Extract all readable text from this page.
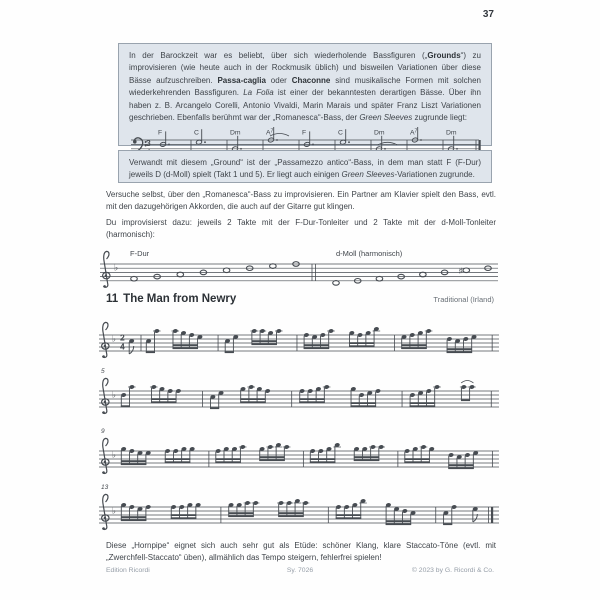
37

In der Barockzeit war es beliebt, über sich wiederholende Bassfiguren („Grounds“) zu improvisieren (wie heute auch in der Rockmusik üblich) und bisweilen Variationen über diese Bässe aufzuschreiben. Passa-caglia oder Chaconne sind musikalische Formen mit solchen wiederkehrenden Bassfiguren. La Folia ist einer der bekanntesten derartigen Bässe. Über ihn haben z. B. Arcangelo Corelli, Antonio Vivaldi, Marin Marais und später Franz Liszt Variationen geschrieben. Ebenfalls berühmt war der „Romanesca“-Bass, der Green Sleeves zugrunde liegt:

3
F	C	Dm	$A^7$	F	C	Dm	$A^7$	Dm

Verwandt mit diesem „Ground“ ist der „Passamezzo antico“-Bass, in dem man statt F (F-Dur) jeweils D (d-Moll) spielt (Takt 1 und 5). Er liegt auch einigen Green Sleeves-Variationen zugrunde.

Versuche selbst, über den „Romanesca“-Bass zu improvisieren. Ein Partner am Klavier spielt den Bass, evtl. mit den dazugehörigen Akkorden, die auch auf der Gitarre gut klingen.

Du improvisierst dazu: jeweils 2 Takte mit der F-Dur-Tonleiter und 2 Takte mit der d-Moll-Tonleiter (harmonisch):

♭
F-Dur	d-Moll (harmonisch)
♯
11 The Man from Newry	Traditional (Irland)
♭ 2
4
♭
5
♭
9
♭
13

Diese „Hornpipe“ eignet sich auch sehr gut als Etüde: schöner Klang, klare Staccato-Töne (evtl. mit „Zwerchfell-Staccato“ üben), allmählich das Tempo steigern, fehlerfrei spielen!

Edition Ricordi	Sy. 7026	© 2023 by G. Ricordi & Co.
